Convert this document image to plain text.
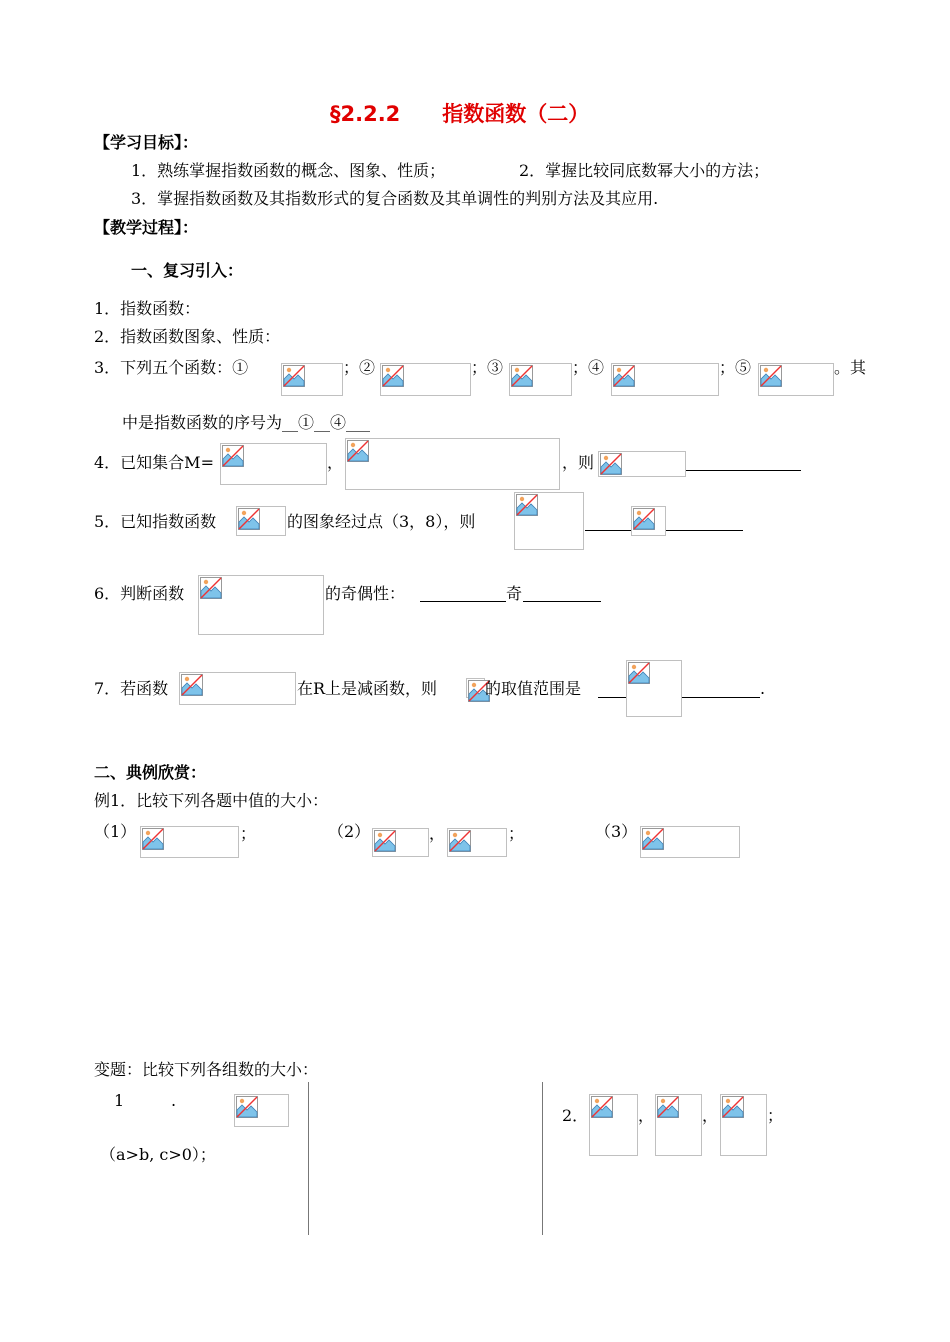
§2.2.2　　指数函数（二）
【学习目标】：
1．熟练掌握指数函数的概念、图象、性质；	2．掌握比较同底数幂大小的方法；
3．掌握指数函数及其指数形式的复合函数及其单调性的判别方法及其应用.
【教学过程】：
一、复习引入：
1．指数函数：
2．指数函数图象、性质：
3．下列五个函数：①	；②	；③	；④	；⑤	。其
中是指数函数的序号为__①__④___
4．已知集合M=	，	，则
5．已知指数函数	的图象经过点（3，8），则
6．判断函数	的奇偶性：	奇
7．若函数	在R上是减函数，则	的取值范围是	.
二、典例欣赏：
例1．比较下列各题中值的大小：
（1）	；	（2）	，	；	（3）
变题：比较下列各组数的大小：
1	.
（a>b, c>0）；
2．	，	，	；
